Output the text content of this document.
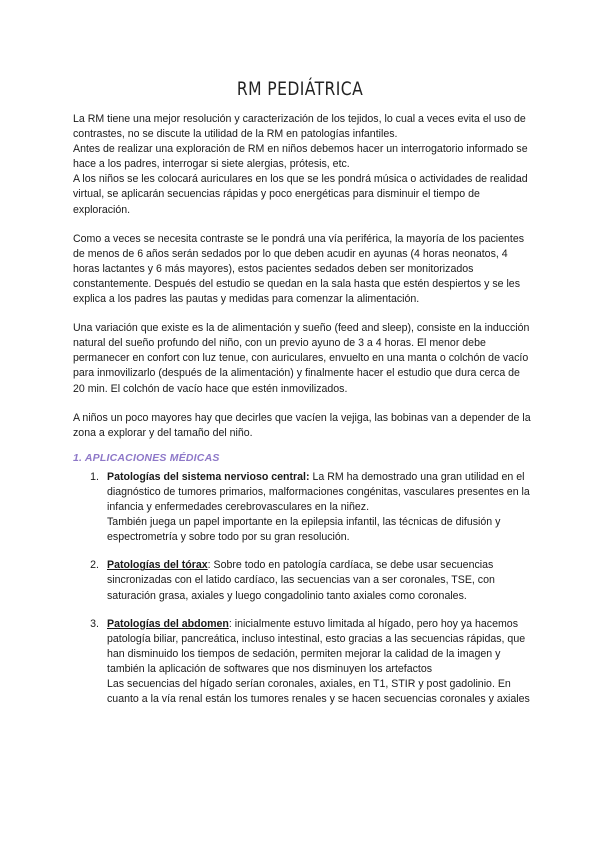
RM PEDIÁTRICA

La RM tiene una mejor resolución y caracterización de los tejidos, lo cual a veces evita el uso de contrastes, no se discute la utilidad de la RM en patologías infantiles.

Antes de realizar una exploración de RM en niños debemos hacer un interrogatorio informado se hace a los padres, interrogar si siete alergias, prótesis, etc.

A los niños se les colocará auriculares en los que se les pondrá música o actividades de realidad virtual, se aplicarán secuencias rápidas y poco energéticas para disminuir el tiempo de exploración.

Como a veces se necesita contraste se le pondrá una vía periférica, la mayoría de los pacientes de menos de 6 años serán sedados por lo que deben acudir en ayunas (4 horas neonatos, 4 horas lactantes y 6 más mayores), estos pacientes sedados deben ser monitorizados constantemente. Después del estudio se quedan en la sala hasta que estén despiertos y se les explica a los padres las pautas y medidas para comenzar la alimentación.

Una variación que existe es la de alimentación y sueño (feed and sleep), consiste en la inducción natural del sueño profundo del niño, con un previo ayuno de 3 a 4 horas. El menor debe permanecer en confort con luz tenue, con auriculares, envuelto en una manta o colchón de vacío para inmovilizarlo (después de la alimentación) y finalmente hacer el estudio que dura cerca de 20 min. El colchón de vacío hace que estén inmovilizados.

A niños un poco mayores hay que decirles que vacíen la vejiga, las bobinas van a depender de la zona a explorar y del tamaño del niño.

1. APLICACIONES MÉDICAS
1. Patologías del sistema nervioso central: La RM ha demostrado una gran utilidad en el diagnóstico de tumores primarios, malformaciones congénitas, vasculares presentes en la infancia y enfermedades cerebrovasculares en la niñez.

También juega un papel importante en la epilepsia infantil, las técnicas de difusión y espectrometría y sobre todo por su gran resolución.

2. Patologías del tórax: Sobre todo en patología cardíaca, se debe usar secuencias sincronizadas con el latido cardíaco, las secuencias van a ser coronales, TSE, con saturación grasa, axiales y luego congadolinio tanto axiales como coronales.

3. Patologías del abdomen: inicialmente estuvo limitada al hígado, pero hoy ya hacemos patología biliar, pancreática, incluso intestinal, esto gracias a las secuencias rápidas, que han disminuido los tiempos de sedación, permiten mejorar la calidad de la imagen y también la aplicación de softwares que nos disminuyen los artefactos

Las secuencias del hígado serían coronales, axiales, en T1, STIR y post gadolinio. En cuanto a la vía renal están los tumores renales y se hacen secuencias coronales y axiales
